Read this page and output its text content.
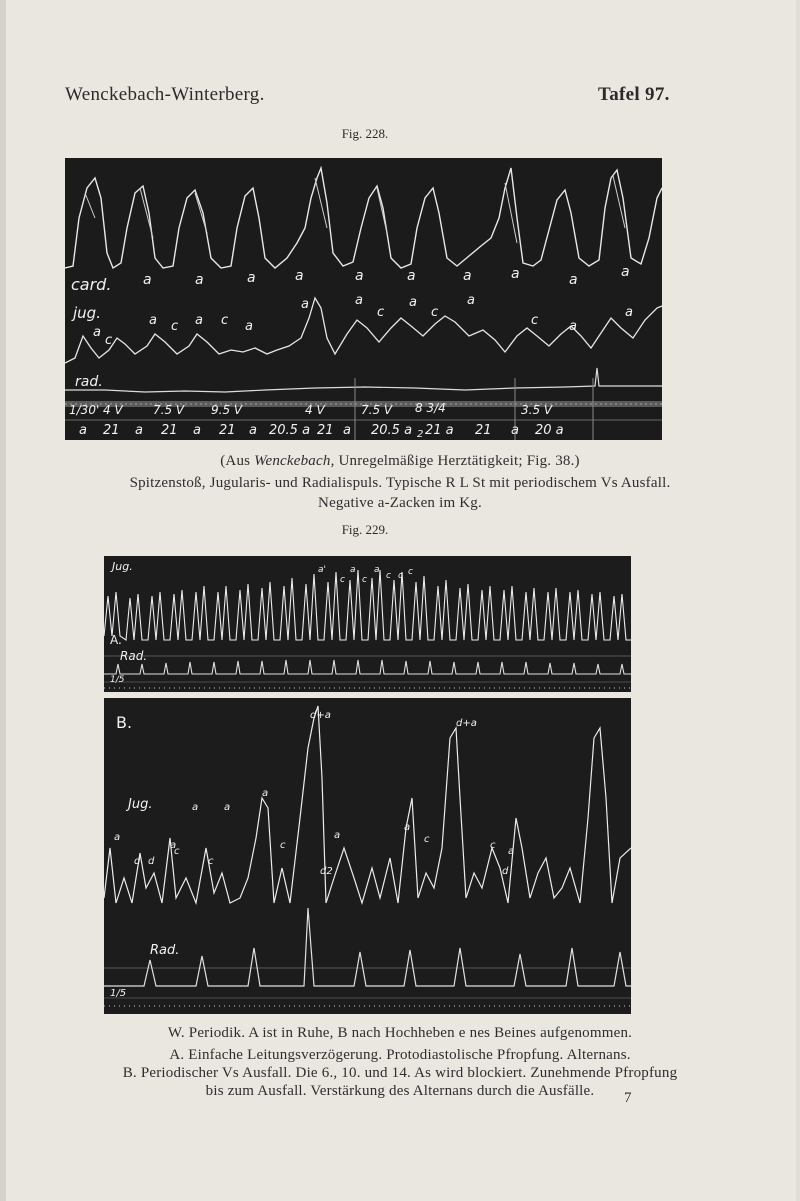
Wenckebach-Winterberg.	Tafel 97.
Fig. 228.
card.
jug.
rad.
a	a	a	a	a	a	a	a	a	a
a
c
a c a c a
a	a
c	c
a	a
c a
a
1/30' 4 V	7.5 V 9.5 V	4 V	7.5 V 8 3/4	3.5 V
a 21 a 21 a 21 a 20.5 a 21 a 20.5 a 2 21 a 21 a 20 a
(Aus Wenckebach, Unregelmäßige Herztätigkeit; Fig. 38.)
Spitzenstoß, Jugularis- und Radialispuls. Typische R L St mit periodischem Vs Ausfall.
Negative a-Zacken im Kg.
Fig. 229.
Jug.
A.
Rad.
1/5
a'
c
a
c
a
c c c
B.
Jug.
Rad.
1/5
d+a
d+a
a	a
a
a
a
c
a
a
c
c
c
c
d d
a
d2	d
W. Periodik. A ist in Ruhe, B nach Hochheben e nes Beines aufgenommen.
A. Einfache Leitungsverzögerung. Protodiastolische Pfropfung. Alternans.
B. Periodischer Vs Ausfall. Die 6., 10. und 14. As wird blockiert. Zunehmende Pfropfung
bis zum Ausfall. Verstärkung des Alternans durch die Ausfälle.	7
